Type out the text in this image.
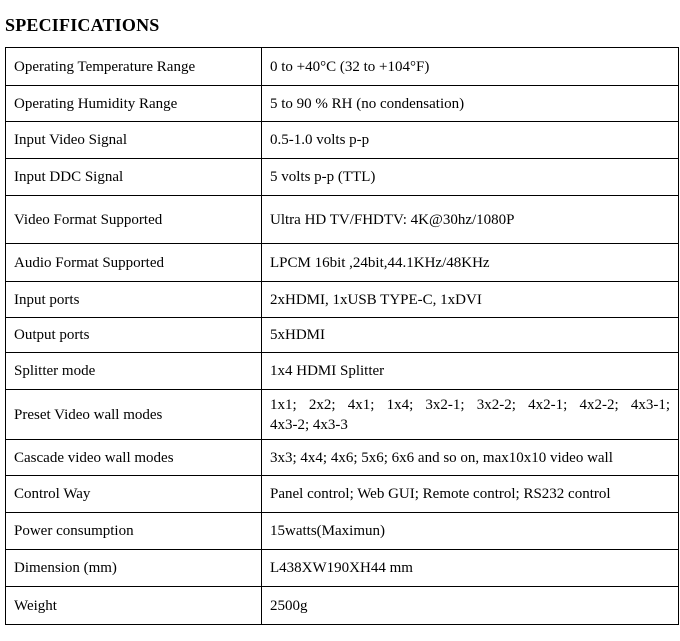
SPECIFICATIONS
Operating Temperature Range	0 to +40°C (32 to +104°F)
Operating Humidity Range	5 to 90 % RH (no condensation)
Input Video Signal	0.5-1.0 volts p-p
Input DDC Signal	5 volts p-p (TTL)
Video Format Supported	Ultra HD TV/FHDTV: 4K@30hz/1080P
Audio Format Supported	LPCM 16bit ,24bit,44.1KHz/48KHz
Input ports	2xHDMI, 1xUSB TYPE-C, 1xDVI
Output ports	5xHDMI
Splitter mode	1x4 HDMI Splitter
Preset Video wall modes	1x1; 2x2; 4x1; 1x4; 3x2-1; 3x2-2; 4x2-1; 4x2-2; 4x3-1;
4x3-2; 4x3-3

Cascade video wall modes	3x3; 4x4; 4x6; 5x6; 6x6 and so on, max10x10 video wall
Control Way	Panel control; Web GUI; Remote control; RS232 control
Power consumption	15watts(Maximun)
Dimension (mm)	L438XW190XH44 mm
Weight	2500g
